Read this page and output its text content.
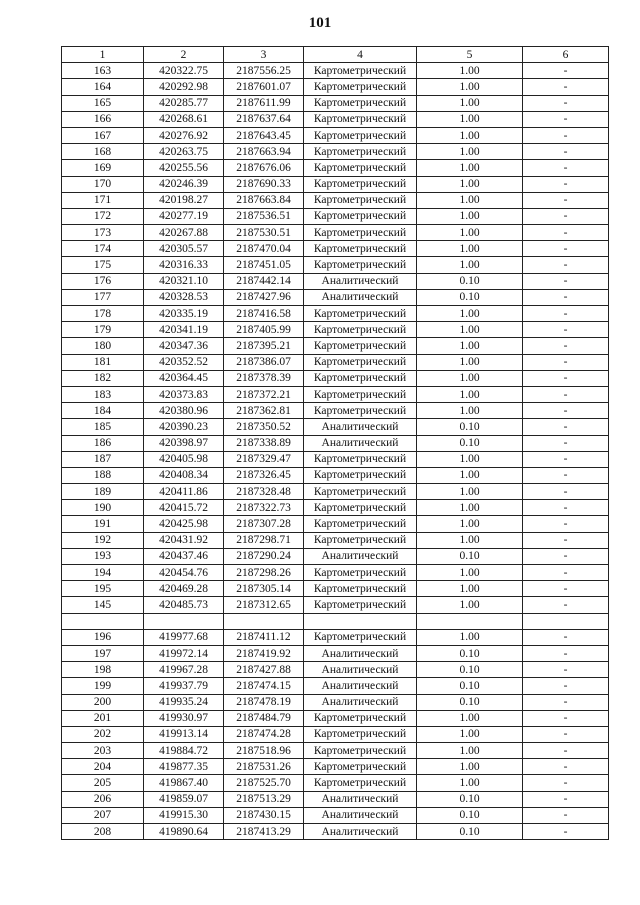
101
1	2	3	4	5	6
163	420322.75	2187556.25	Картометрический	1.00	-
164	420292.98	2187601.07	Картометрический	1.00	-
165	420285.77	2187611.99	Картометрический	1.00	-
166	420268.61	2187637.64	Картометрический	1.00	-
167	420276.92	2187643.45	Картометрический	1.00	-
168	420263.75	2187663.94	Картометрический	1.00	-
169	420255.56	2187676.06	Картометрический	1.00	-
170	420246.39	2187690.33	Картометрический	1.00	-
171	420198.27	2187663.84	Картометрический	1.00	-
172	420277.19	2187536.51	Картометрический	1.00	-
173	420267.88	2187530.51	Картометрический	1.00	-
174	420305.57	2187470.04	Картометрический	1.00	-
175	420316.33	2187451.05	Картометрический	1.00	-
176	420321.10	2187442.14	Аналитический	0.10	-
177	420328.53	2187427.96	Аналитический	0.10	-
178	420335.19	2187416.58	Картометрический	1.00	-
179	420341.19	2187405.99	Картометрический	1.00	-
180	420347.36	2187395.21	Картометрический	1.00	-
181	420352.52	2187386.07	Картометрический	1.00	-
182	420364.45	2187378.39	Картометрический	1.00	-
183	420373.83	2187372.21	Картометрический	1.00	-
184	420380.96	2187362.81	Картометрический	1.00	-
185	420390.23	2187350.52	Аналитический	0.10	-
186	420398.97	2187338.89	Аналитический	0.10	-
187	420405.98	2187329.47	Картометрический	1.00	-
188	420408.34	2187326.45	Картометрический	1.00	-
189	420411.86	2187328.48	Картометрический	1.00	-
190	420415.72	2187322.73	Картометрический	1.00	-
191	420425.98	2187307.28	Картометрический	1.00	-
192	420431.92	2187298.71	Картометрический	1.00	-
193	420437.46	2187290.24	Аналитический	0.10	-
194	420454.76	2187298.26	Картометрический	1.00	-
195	420469.28	2187305.14	Картометрический	1.00	-
145	420485.73	2187312.65	Картометрический	1.00	-

196	419977.68	2187411.12	Картометрический	1.00	-
197	419972.14	2187419.92	Аналитический	0.10	-
198	419967.28	2187427.88	Аналитический	0.10	-
199	419937.79	2187474.15	Аналитический	0.10	-
200	419935.24	2187478.19	Аналитический	0.10	-
201	419930.97	2187484.79	Картометрический	1.00	-
202	419913.14	2187474.28	Картометрический	1.00	-
203	419884.72	2187518.96	Картометрический	1.00	-
204	419877.35	2187531.26	Картометрический	1.00	-
205	419867.40	2187525.70	Картометрический	1.00	-
206	419859.07	2187513.29	Аналитический	0.10	-
207	419915.30	2187430.15	Аналитический	0.10	-
208	419890.64	2187413.29	Аналитический	0.10	-
